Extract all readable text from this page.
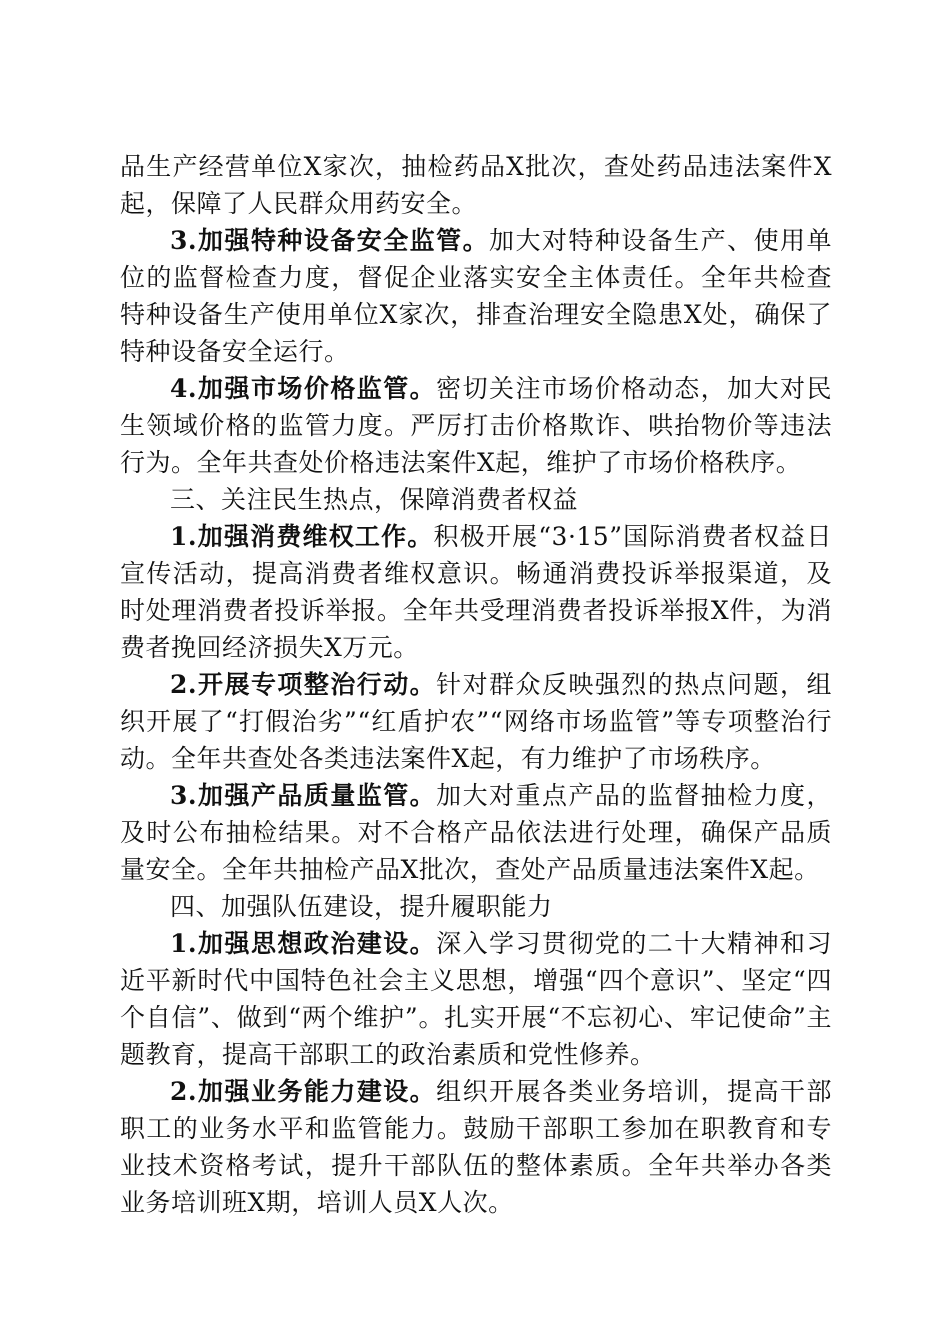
品生产经营单位X家次，抽检药品X批次，查处药品违法案件X起，保障了人民群众用药安全。

3.加强特种设备安全监管。加大对特种设备生产、使用单位的监督检查力度，督促企业落实安全主体责任。全年共检查特种设备生产使用单位X家次，排查治理安全隐患X处，确保了特种设备安全运行。

4.加强市场价格监管。密切关注市场价格动态，加大对民生领域价格的监管力度。严厉打击价格欺诈、哄抬物价等违法行为。全年共查处价格违法案件X起，维护了市场价格秩序。

三、关注民生热点，保障消费者权益

1.加强消费维权工作。积极开展“3·15”国际消费者权益日宣传活动，提高消费者维权意识。畅通消费投诉举报渠道，及时处理消费者投诉举报。全年共受理消费者投诉举报X件，为消费者挽回经济损失X万元。

2.开展专项整治行动。针对群众反映强烈的热点问题，组织开展了“打假治劣”“红盾护农”“网络市场监管”等专项整治行动。全年共查处各类违法案件X起，有力维护了市场秩序。

3.加强产品质量监管。加大对重点产品的监督抽检力度，及时公布抽检结果。对不合格产品依法进行处理，确保产品质量安全。全年共抽检产品X批次，查处产品质量违法案件X起。

四、加强队伍建设，提升履职能力

1.加强思想政治建设。深入学习贯彻党的二十大精神和习近平新时代中国特色社会主义思想，增强“四个意识”、坚定“四个自信”、做到“两个维护”。扎实开展“不忘初心、牢记使命”主题教育，提高干部职工的政治素质和党性修养。

2.加强业务能力建设。组织开展各类业务培训，提高干部职工的业务水平和监管能力。鼓励干部职工参加在职教育和专业技术资格考试，提升干部队伍的整体素质。全年共举办各类业务培训班X期，培训人员X人次。
